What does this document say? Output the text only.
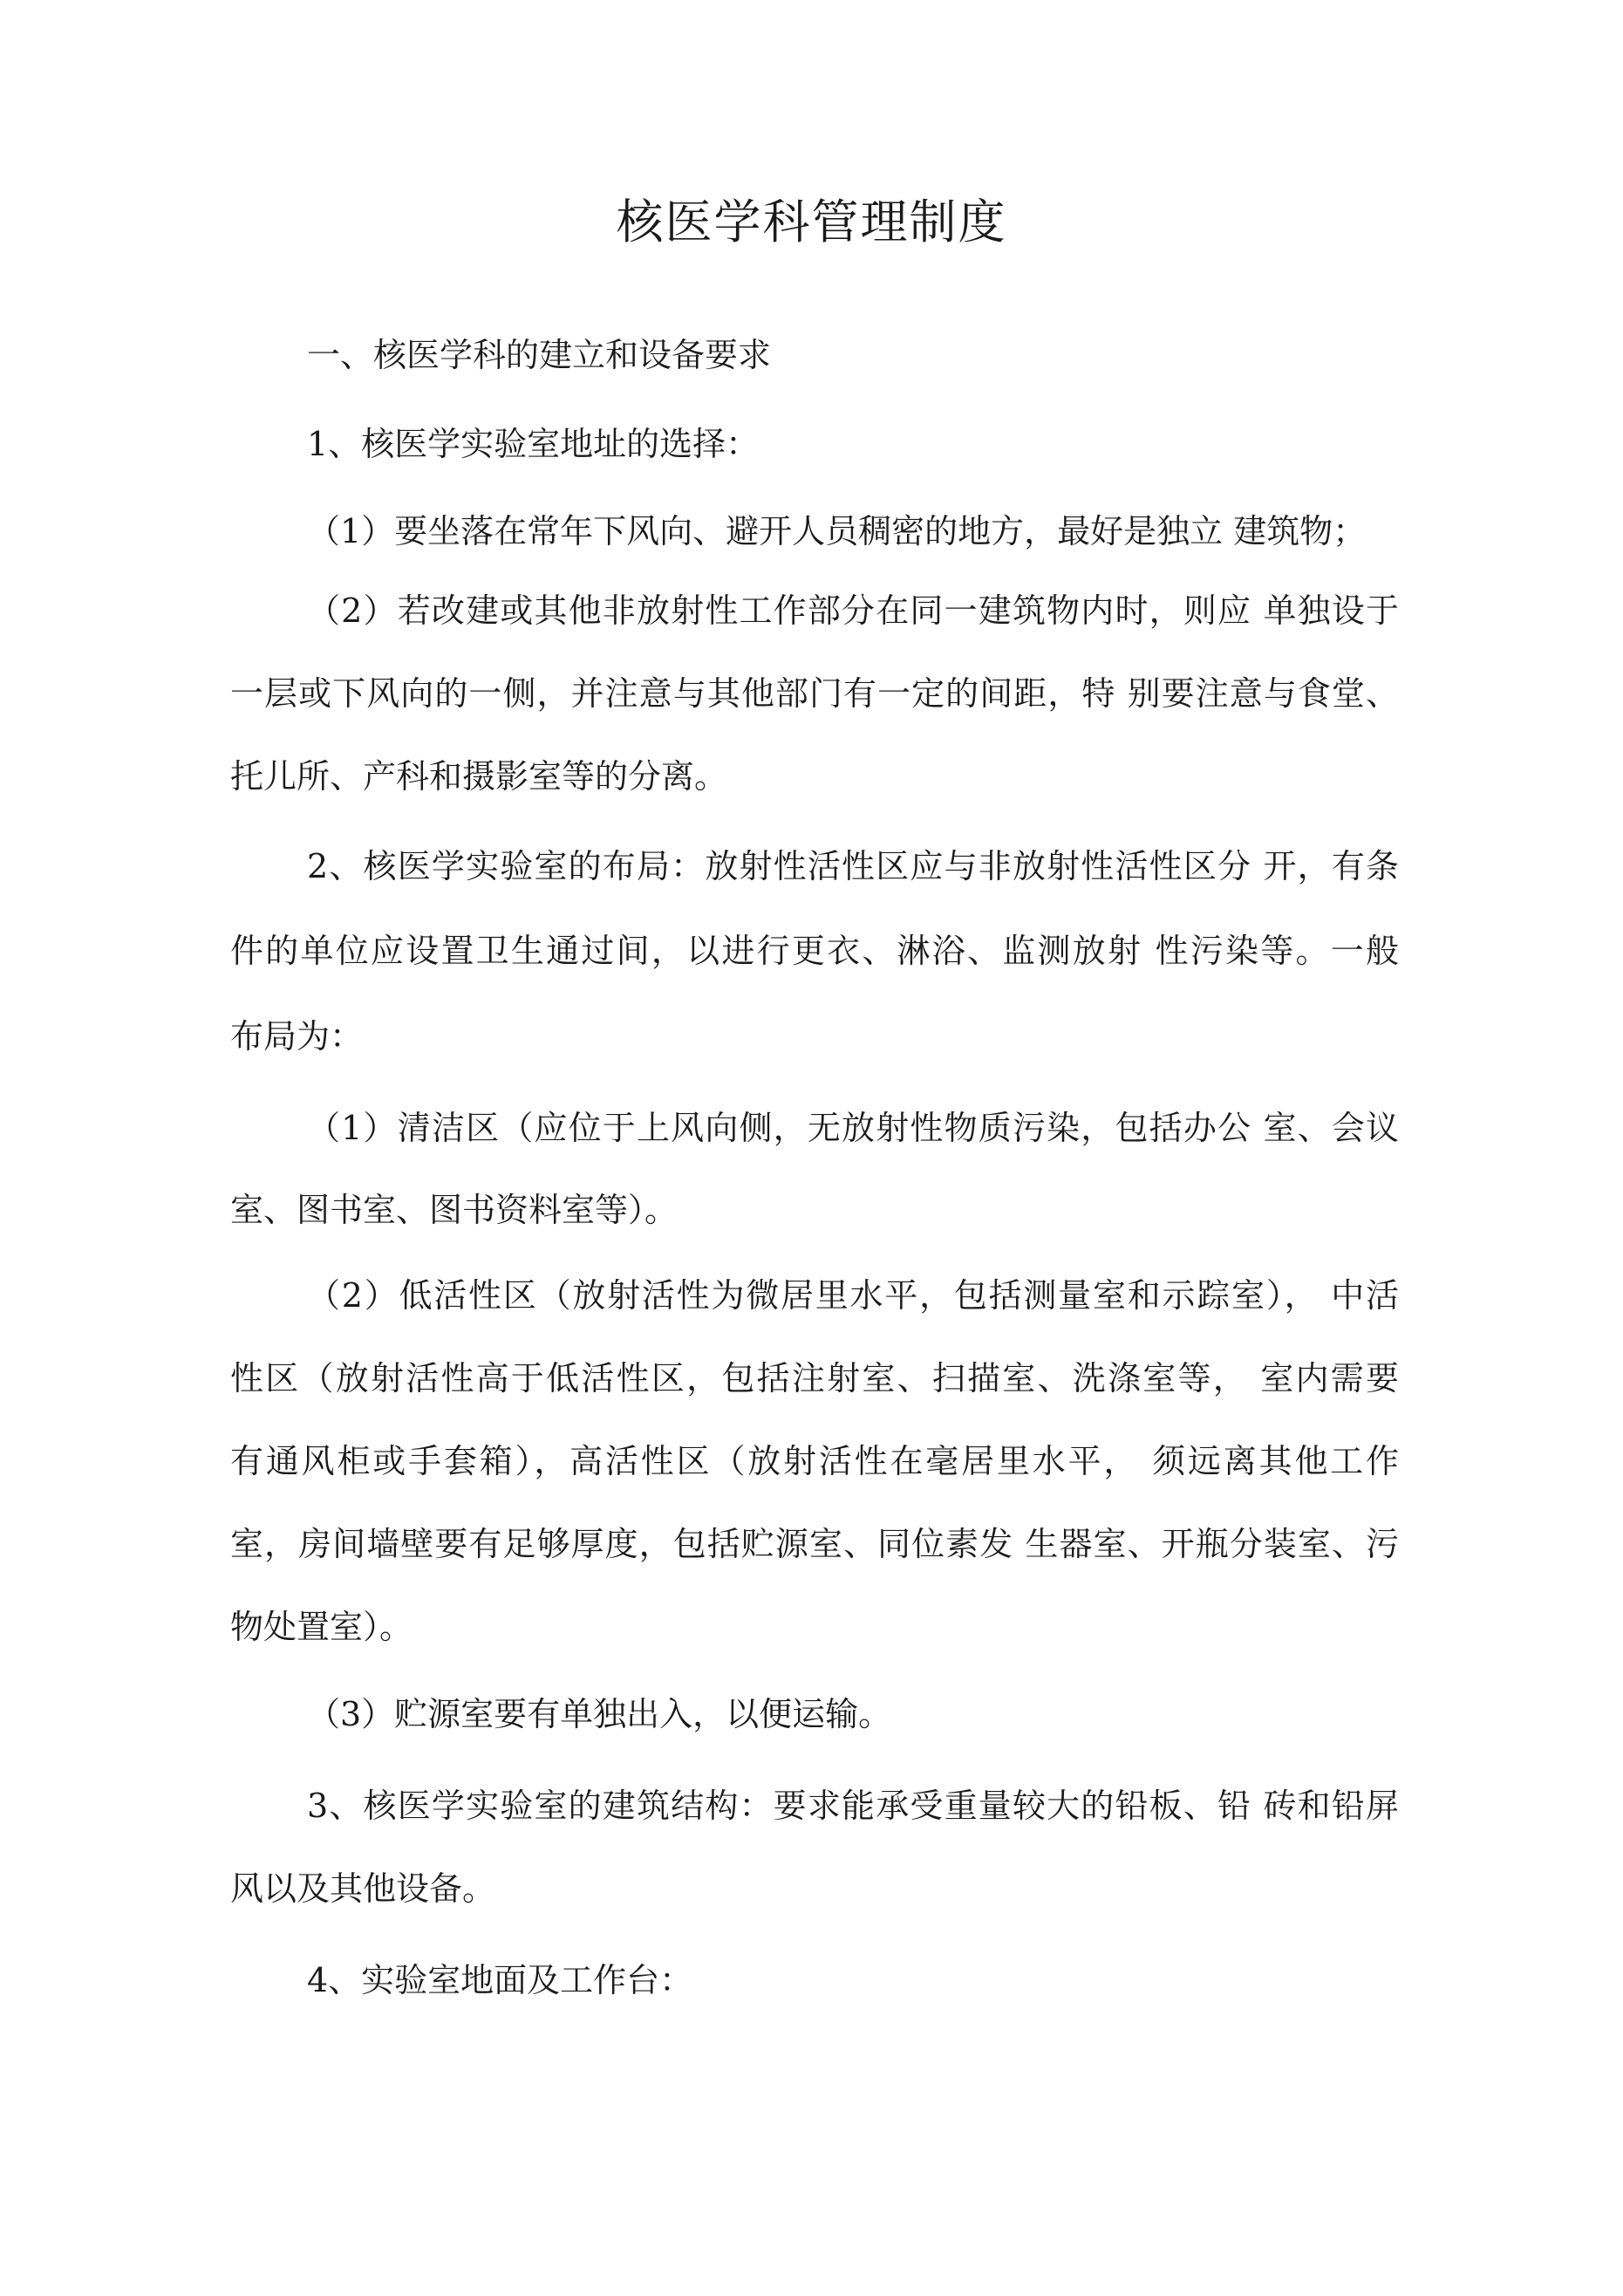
核医学科管理制度

一、核医学科的建立和设备要求

1、核医学实验室地址的选择：

（1）要坐落在常年下风向、避开人员稠密的地方，最好是独立 建筑物；

（2）若改建或其他非放射性工作部分在同一建筑物内时，则应 单独设于

一层或下风向的一侧，并注意与其他部门有一定的间距，特 别要注意与食堂、

托儿所、产科和摄影室等的分离。

2、核医学实验室的布局：放射性活性区应与非放射性活性区分 开，有条

件的单位应设置卫生通过间，以进行更衣、淋浴、监测放射 性污染等。一般

布局为：

（1）清洁区（应位于上风向侧，无放射性物质污染，包括办公 室、会议

室、图书室、图书资料室等）。

（2）低活性区（放射活性为微居里水平，包括测量室和示踪室）， 中活

性区（放射活性高于低活性区，包括注射室、扫描室、洗涤室等， 室内需要

有通风柜或手套箱），高活性区（放射活性在毫居里水平， 须远离其他工作

室，房间墙壁要有足够厚度，包括贮源室、同位素发 生器室、开瓶分装室、污

物处置室）。

（3）贮源室要有单独出入，以便运输。

3、核医学实验室的建筑结构：要求能承受重量较大的铅板、铅 砖和铅屏

风以及其他设备。

4、实验室地面及工作台：
